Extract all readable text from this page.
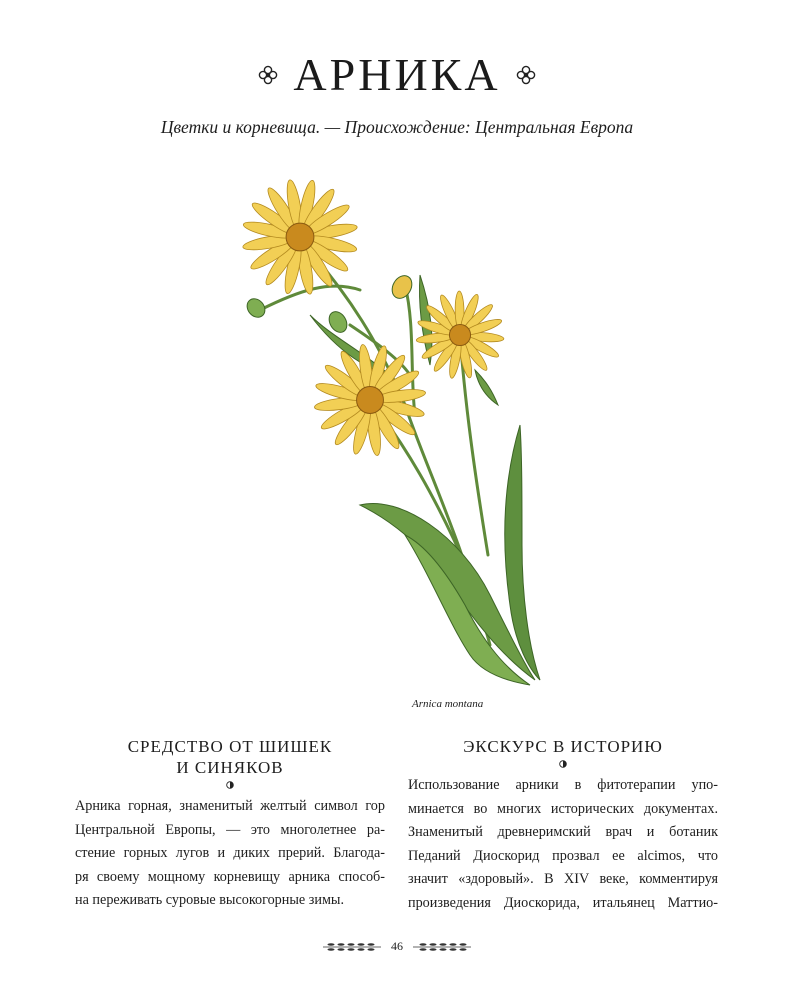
АРНИКА
Цветки и корневища. — Происхождение: Центральная Европа
Arnica montana
СРЕДСТВО ОТ ШИШЕК
И СИНЯКОВ
Арника горная, знаменитый желтый символ гор
Центральной Европы, — это многолетнее ра-
стение горных лугов и диких прерий. Благода-
ря своему мощному корневищу арника способ-
на переживать суровые высокогорные зимы.
ЭКСКУРС В ИСТОРИЮ
Использование арники в фитотерапии упо-
минается во многих исторических документах.
Знаменитый древнеримский врач и ботаник
Педаний Диоскорид прозвал ее alcimos, что
значит «здоровый». В XIV веке, комментируя
произведения Диоскорида, итальянец Маттио-
46
